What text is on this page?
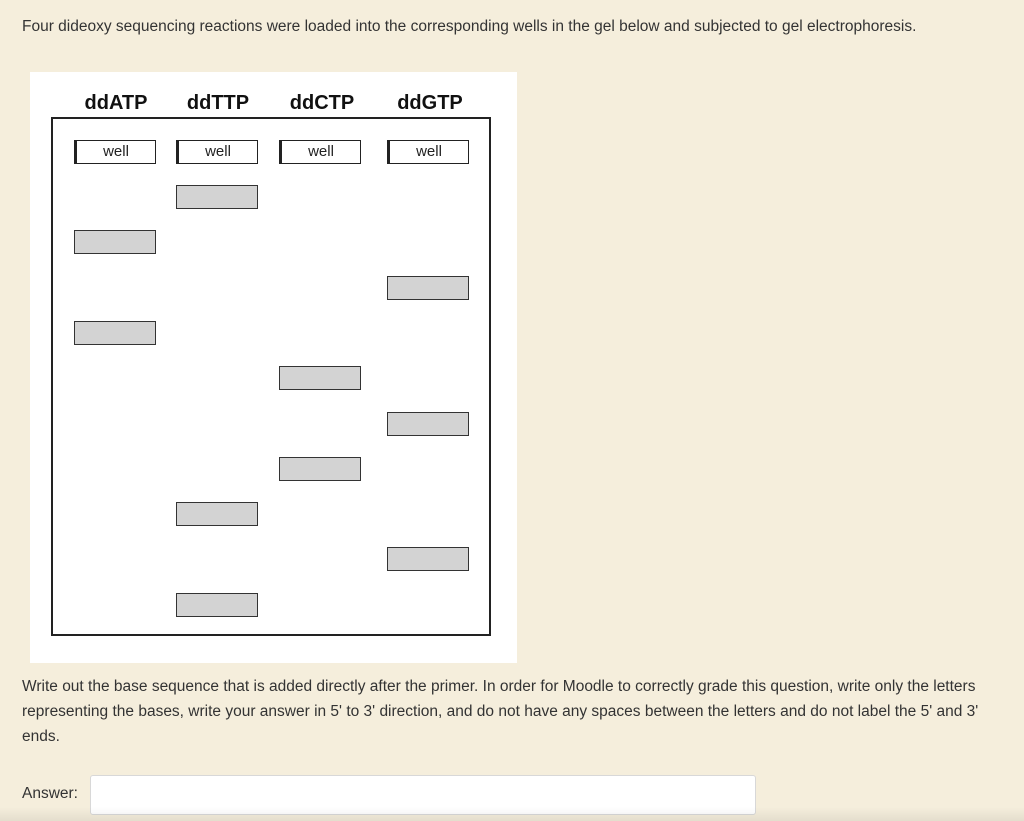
Four dideoxy sequencing reactions were loaded into the corresponding wells in the gel below and subjected to gel electrophoresis.

ddATP	ddTTP	ddCTP	ddGTP
well	well	well	well

Write out the base sequence that is added directly after the primer. In order for Moodle to correctly grade this question, write only the letters representing the bases, write your answer in 5' to 3' direction, and do not have any spaces between the letters and do not label the 5' and 3' ends.

Answer:
